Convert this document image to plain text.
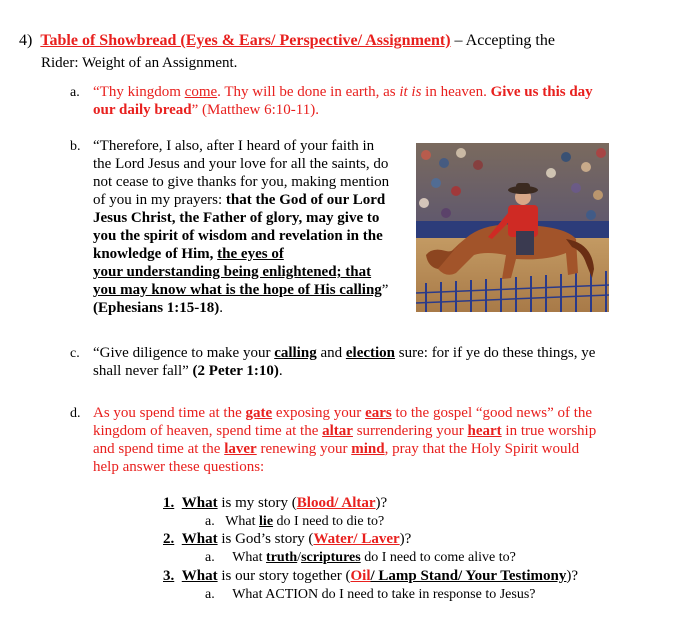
4) Table of Showbread (Eyes & Ears/ Perspective/ Assignment) – Accepting the
Rider: Weight of an Assignment.
a. “Thy kingdom come. Thy will be done in earth, as it is in heaven. Give us this day
our daily bread” (Matthew 6:10-11).
b. “Therefore, I also, after I heard of your faith in
the Lord Jesus and your love for all the saints, do
not cease to give thanks for you, making mention
of you in my prayers: that the God of our Lord
Jesus Christ, the Father of glory, may give to
you the spirit of wisdom and revelation in the
knowledge of Him, the eyes of
your understanding being enlightened; that
you may know what is the hope of His calling”
(Ephesians 1:15-18).
c. “Give diligence to make your calling and election sure: for if ye do these things, ye
shall never fall” (2 Peter 1:10).
d. As you spend time at the gate exposing your ears to the gospel “good news” of the
kingdom of heaven, spend time at the altar surrendering your heart in true worship
and spend time at the laver renewing your mind, pray that the Holy Spirit would
help answer these questions:
1. What is my story (Blood/ Altar)?
a. What lie do I need to die to?
2. What is God’s story (Water/ Laver)?
a. What truth/scriptures do I need to come alive to?
3. What is our story together (Oil/ Lamp Stand/ Your Testimony)?
a. What ACTION do I need to take in response to Jesus?
